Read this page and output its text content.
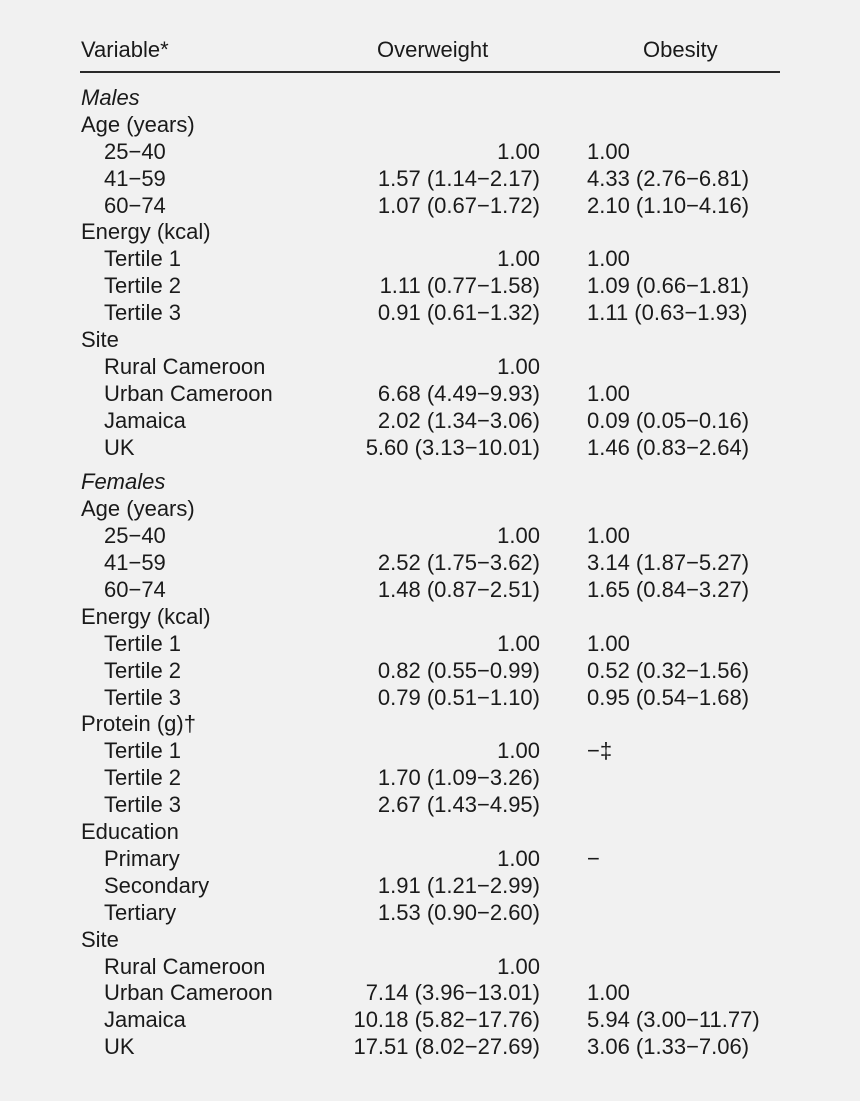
Variable*	Overweight	Obesity
Males
Age (years)
25−40	1.00 1.00
41−59	1.57 (1.14−2.17) 4.33 (2.76−6.81)
60−74	1.07 (0.67−1.72) 2.10 (1.10−4.16)
Energy (kcal)
Tertile 1	1.00 1.00
Tertile 2	1.11 (0.77−1.58) 1.09 (0.66−1.81)
Tertile 3	0.91 (0.61−1.32) 1.11 (0.63−1.93)
Site
Rural Cameroon	1.00
Urban Cameroon	6.68 (4.49−9.93) 1.00
Jamaica	2.02 (1.34−3.06) 0.09 (0.05−0.16)
UK	5.60 (3.13−10.01) 1.46 (0.83−2.64)
Females
Age (years)
25−40	1.00 1.00
41−59	2.52 (1.75−3.62) 3.14 (1.87−5.27)
60−74	1.48 (0.87−2.51) 1.65 (0.84−3.27)
Energy (kcal)
Tertile 1	1.00 1.00
Tertile 2	0.82 (0.55−0.99) 0.52 (0.32−1.56)
Tertile 3	0.79 (0.51−1.10) 0.95 (0.54−1.68)
Protein (g)†
Tertile 1	1.00 −‡
Tertile 2	1.70 (1.09−3.26)
Tertile 3	2.67 (1.43−4.95)
Education
Primary	1.00 −
Secondary	1.91 (1.21−2.99)
Tertiary	1.53 (0.90−2.60)
Site
Rural Cameroon	1.00
Urban Cameroon	7.14 (3.96−13.01) 1.00
Jamaica	10.18 (5.82−17.76) 5.94 (3.00−11.77)
UK	17.51 (8.02−27.69) 3.06 (1.33−7.06)
